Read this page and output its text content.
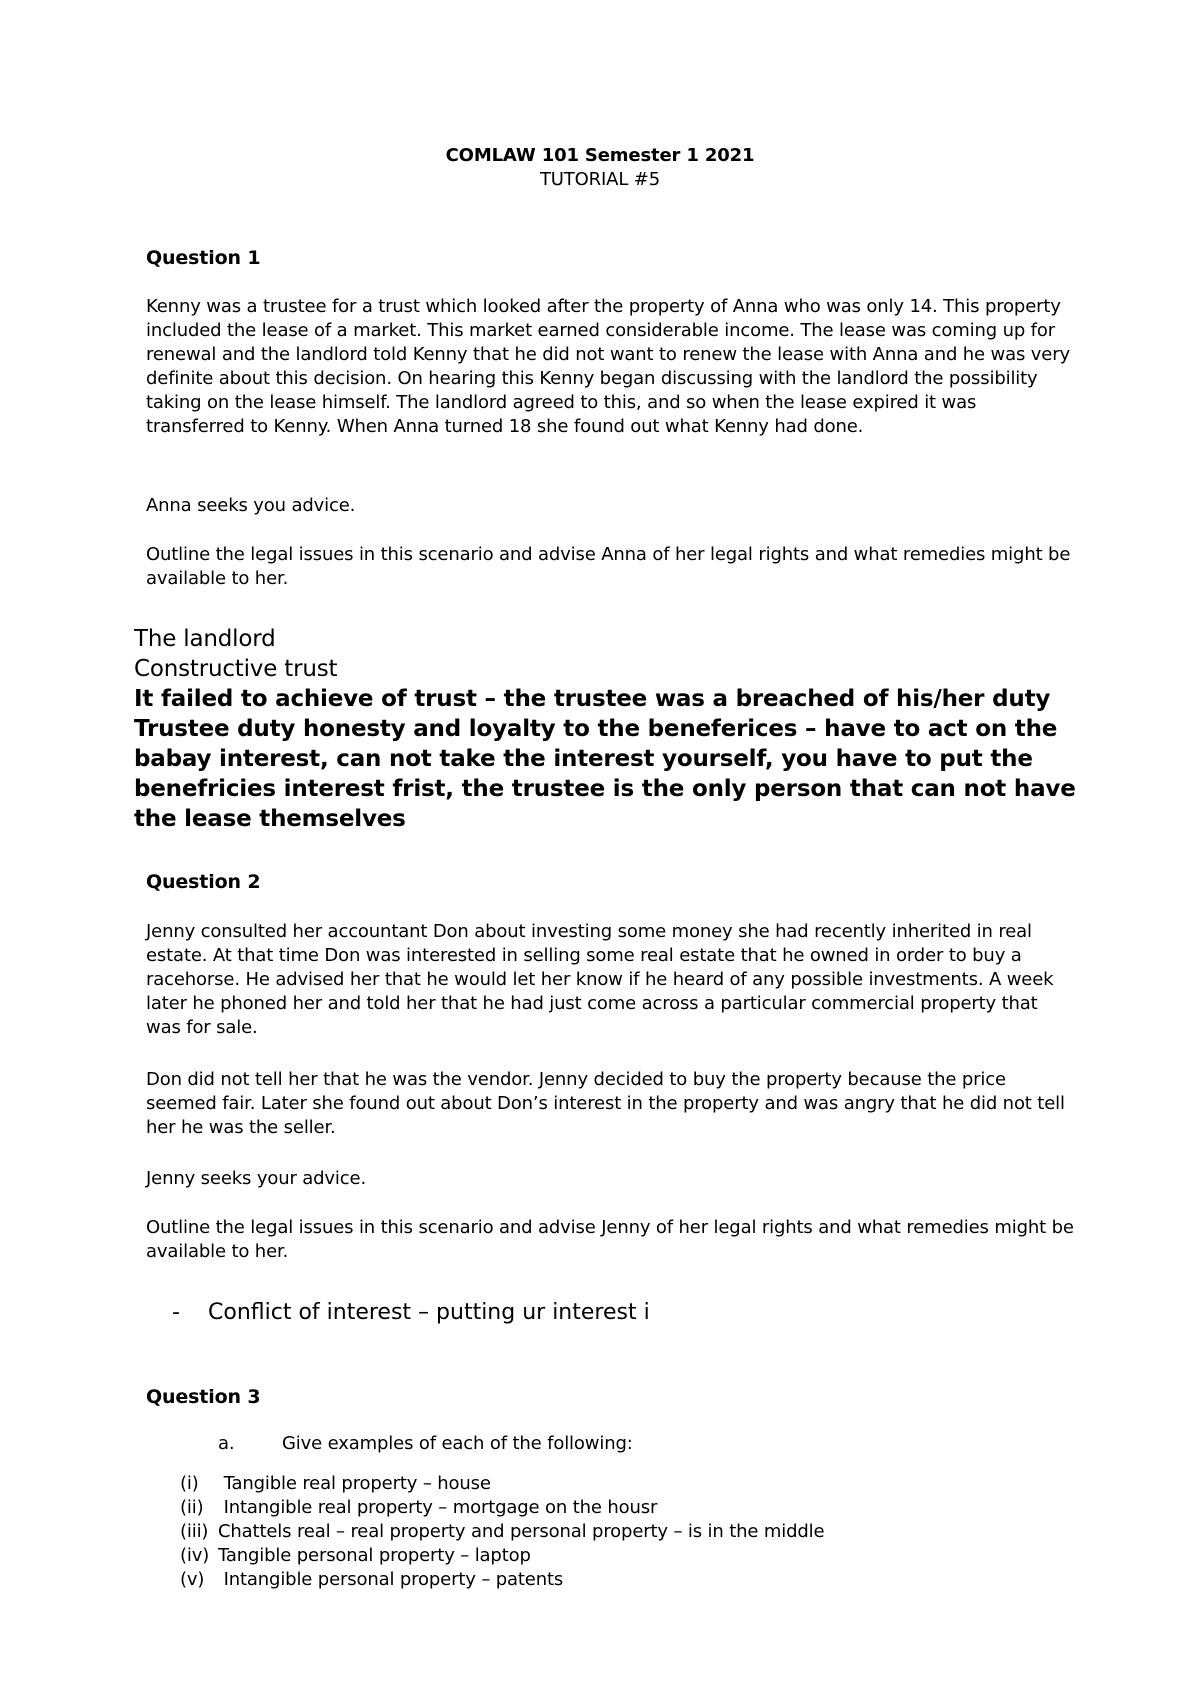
COMLAW 101 Semester 1 2021
TUTORIAL #5
Question 1

Kenny was a trustee for a trust which looked after the property of Anna who was only 14. This property included the lease of a market. This market earned considerable income. The lease was coming up for renewal and the landlord told Kenny that he did not want to renew the lease with Anna and he was very definite about this decision. On hearing this Kenny began discussing with the landlord the possibility taking on the lease himself. The landlord agreed to this, and so when the lease expired it was transferred to Kenny. When Anna turned 18 she found out what Kenny had done.

Anna seeks you advice.

Outline the legal issues in this scenario and advise Anna of her legal rights and what remedies might be available to her.

The landlord
Constructive trust
It failed to achieve of trust – the trustee was a breached of his/her duty Trustee duty honesty and loyalty to the beneferices – have to act on the babay interest, can not take the interest yourself, you have to put the benefricies interest frist, the trustee is the only person that can not have the lease themselves
Question 2

Jenny consulted her accountant Don about investing some money she had recently inherited in real estate. At that time Don was interested in selling some real estate that he owned in order to buy a racehorse. He advised her that he would let her know if he heard of any possible investments. A week later he phoned her and told her that he had just come across a particular commercial property that was for sale.

Don did not tell her that he was the vendor. Jenny decided to buy the property because the price seemed fair. Later she found out about Don’s interest in the property and was angry that he did not tell her he was the seller.

Jenny seeks your advice.

Outline the legal issues in this scenario and advise Jenny of her legal rights and what remedies might be available to her.

- Conflict of interest – putting ur interest i
Question 3
a.	Give examples of each of the following:
(i) Tangible real property – house
(ii) Intangible real property – mortgage on the housr
(iii) Chattels real – real property and personal property – is in the middle
(iv) Tangible personal property – laptop
(v) Intangible personal property – patents
